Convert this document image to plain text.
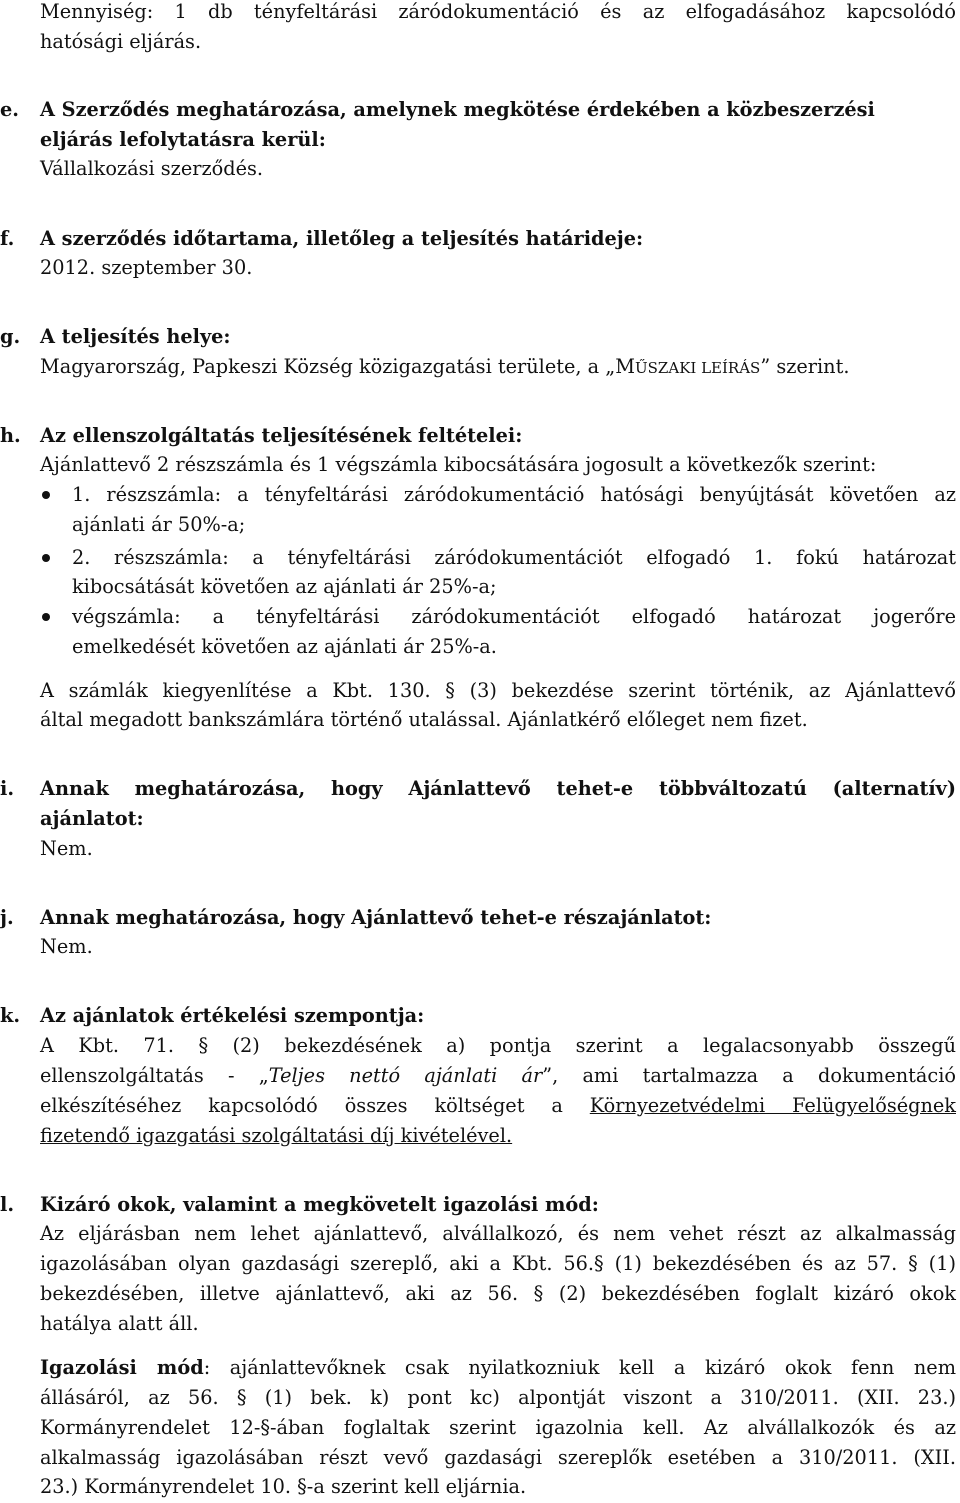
Mennyiség: 1 db tényfeltárási záródokumentáció és az elfogadásához kapcsolódó
hatósági eljárás.
e.	A Szerződés meghatározása, amelynek megkötése érdekében a közbeszerzési
eljárás lefolytatásra kerül:
Vállalkozási szerződés.
f.	A szerződés időtartama, illetőleg a teljesítés határideje:
2012. szeptember 30.
g.	A teljesítés helye:
Magyarország, Papkeszi Község közigazgatási területe, a „MŰSZAKI LEÍRÁS” szerint.
h. Az ellenszolgáltatás teljesítésének feltételei:
Ajánlattevő 2 részszámla és 1 végszámla kibocsátására jogosult a következők szerint:
1. részszámla: a tényfeltárási záródokumentáció hatósági benyújtását követően az
ajánlati ár 50%-a;
2. részszámla: a tényfeltárási záródokumentációt elfogadó 1. fokú határozat
kibocsátását követően az ajánlati ár 25%-a;
végszámla: a tényfeltárási záródokumentációt elfogadó határozat jogerőre
emelkedését követően az ajánlati ár 25%-a.
A számlák kiegyenlítése a Kbt. 130. § (3) bekezdése szerint történik, az Ajánlattevő
által megadott bankszámlára történő utalással. Ajánlatkérő előleget nem fizet.
i.	Annak meghatározása, hogy Ajánlattevő tehet-e többváltozatú (alternatív)
ajánlatot:
Nem.
j.	Annak meghatározása, hogy Ajánlattevő tehet-e részajánlatot:
Nem.
k.	Az ajánlatok értékelési szempontja:
A Kbt. 71. § (2) bekezdésének a) pontja szerint a legalacsonyabb összegű
ellenszolgáltatás - „Teljes nettó ajánlati ár”, ami tartalmazza a dokumentáció
elkészítéséhez kapcsolódó összes költséget a Környezetvédelmi Felügyelőségnek
fizetendő igazgatási szolgáltatási díj kivételével.
l.	Kizáró okok, valamint a megkövetelt igazolási mód:
Az eljárásban nem lehet ajánlattevő, alvállalkozó, és nem vehet részt az alkalmasság
igazolásában olyan gazdasági szereplő, aki a Kbt. 56.§ (1) bekezdésében és az 57. § (1)
bekezdésében, illetve ajánlattevő, aki az 56. § (2) bekezdésében foglalt kizáró okok
hatálya alatt áll.
Igazolási mód: ajánlattevőknek csak nyilatkozniuk kell a kizáró okok fenn nem
állásáról, az 56. § (1) bek. k) pont kc) alpontját viszont a 310/2011. (XII. 23.)
Kormányrendelet 12-§-ában foglaltak szerint igazolnia kell. Az alvállalkozók és az
alkalmasság igazolásában részt vevő gazdasági szereplők esetében a 310/2011. (XII.
23.) Kormányrendelet 10. §-a szerint kell eljárnia.
